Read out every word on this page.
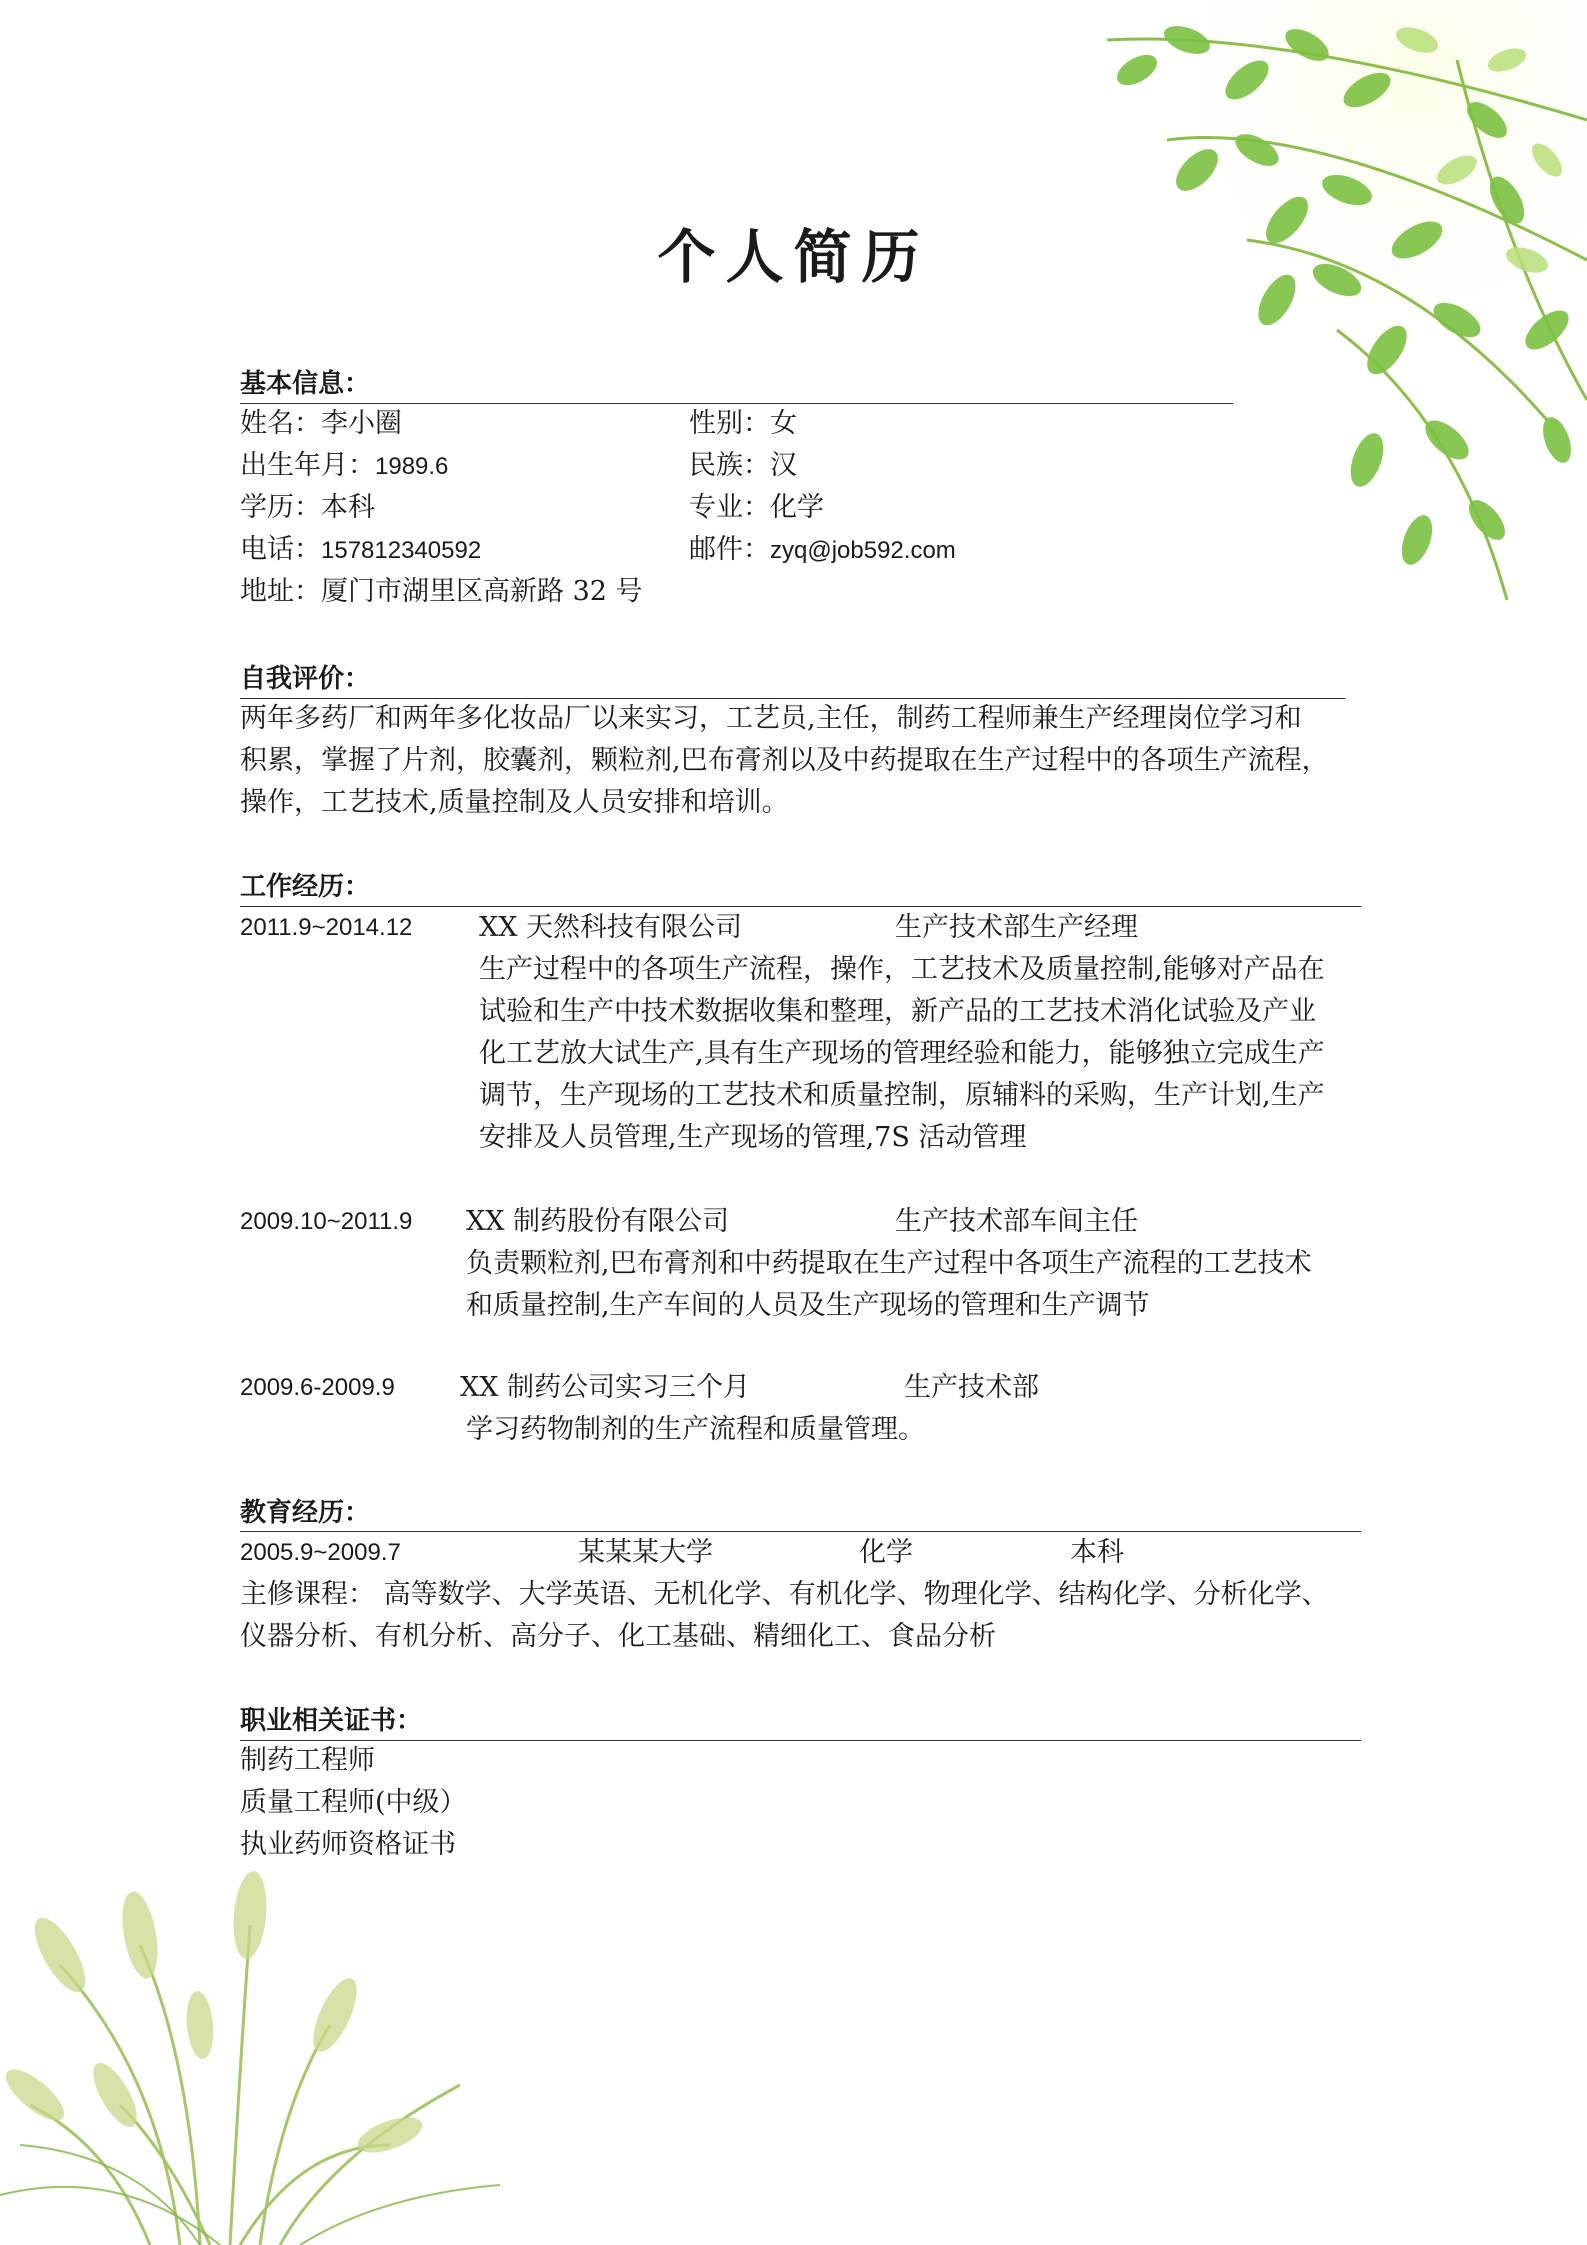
个人简历
基本信息：
姓名：李小圈	性别：女
出生年月：1989.6	民族：汉
学历：本科	专业：化学
电话：157812340592	邮件：zyq@job592.com
地址：厦门市湖里区高新路 32 号
自我评价：
两年多药厂和两年多化妆品厂以来实习，工艺员,主任，制药工程师兼生产经理岗位学习和
积累，掌握了片剂，胶囊剂，颗粒剂,巴布膏剂以及中药提取在生产过程中的各项生产流程，
操作，工艺技术,质量控制及人员安排和培训。
工作经历：
2011.9~2014.12 XX 天然科技有限公司	生产技术部生产经理
生产过程中的各项生产流程，操作，工艺技术及质量控制,能够对产品在
试验和生产中技术数据收集和整理，新产品的工艺技术消化试验及产业
化工艺放大试生产,具有生产现场的管理经验和能力，能够独立完成生产
调节，生产现场的工艺技术和质量控制，原辅料的采购，生产计划,生产
安排及人员管理,生产现场的管理,7S 活动管理
2009.10~2011.9 XX 制药股份有限公司	生产技术部车间主任
负责颗粒剂,巴布膏剂和中药提取在生产过程中各项生产流程的工艺技术
和质量控制,生产车间的人员及生产现场的管理和生产调节
2009.6-2009.9 XX 制药公司实习三个月	生产技术部
学习药物制剂的生产流程和质量管理。
教育经历：
2005.9~2009.7	某某某大学	化学	本科
主修课程： 高等数学、大学英语、无机化学、有机化学、物理化学、结构化学、分析化学、
仪器分析、有机分析、高分子、化工基础、精细化工、食品分析
职业相关证书：
制药工程师
质量工程师(中级）
执业药师资格证书
